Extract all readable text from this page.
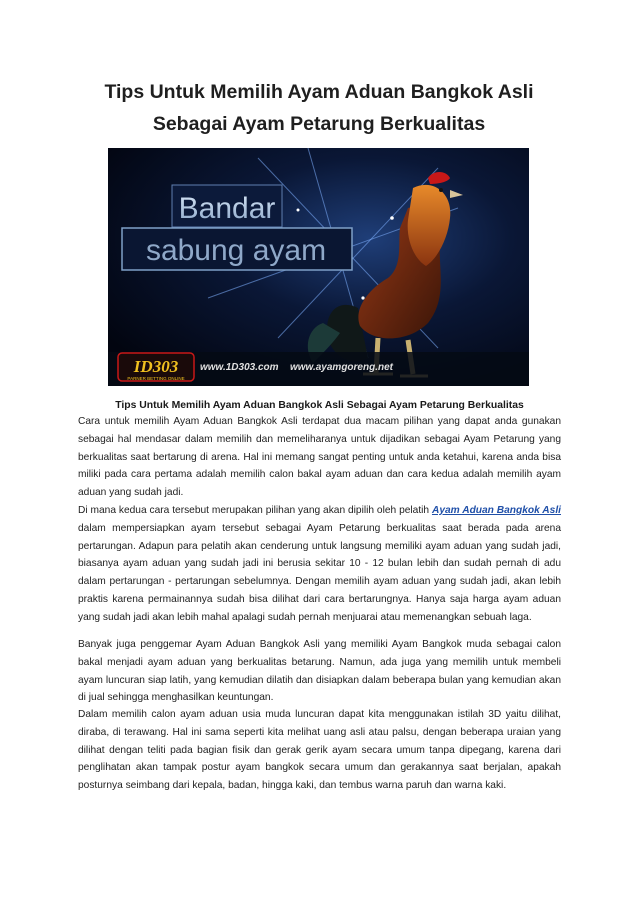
Tips Untuk Memilih Ayam Aduan Bangkok Asli
Sebagai Ayam Petarung Berkualitas
Bandar
sabung ayam
ID303
PARNER BETTING ONLINE
www.1D303.com www.ayamgoreng.net

Tips Untuk Memilih Ayam Aduan Bangkok Asli Sebagai Ayam Petarung Berkualitas

Cara untuk memilih Ayam Aduan Bangkok Asli terdapat dua macam pilihan yang dapat anda gunakan sebagai hal mendasar dalam memilih dan memeliharanya untuk dijadikan sebagai Ayam Petarung yang berkualitas saat bertarung di arena. Hal ini memang sangat penting untuk anda ketahui, karena anda bisa miliki pada cara pertama adalah memilih calon bakal ayam aduan dan cara kedua adalah memilih ayam aduan yang sudah jadi.

Di mana kedua cara tersebut merupakan pilihan yang akan dipilih oleh pelatih Ayam Aduan Bangkok Asli dalam mempersiapkan ayam tersebut sebagai Ayam Petarung berkualitas saat berada pada arena pertarungan. Adapun para pelatih akan cenderung untuk langsung memiliki ayam aduan yang sudah jadi, biasanya ayam aduan yang sudah jadi ini berusia sekitar 10 - 12 bulan lebih dan sudah pernah di adu dalam pertarungan - pertarungan sebelumnya. Dengan memilih ayam aduan yang sudah jadi, akan lebih praktis karena permainannya sudah bisa dilihat dari cara bertarungnya. Hanya saja harga ayam aduan yang sudah jadi akan lebih mahal apalagi sudah pernah menjuarai atau memenangkan sebuah laga.

Banyak juga penggemar Ayam Aduan Bangkok Asli yang memiliki Ayam Bangkok muda sebagai calon bakal menjadi ayam aduan yang berkualitas betarung. Namun, ada juga yang memilih untuk membeli ayam luncuran siap latih, yang kemudian dilatih dan disiapkan dalam beberapa bulan yang kemudian akan di jual sehingga menghasilkan keuntungan.

Dalam memilih calon ayam aduan usia muda luncuran dapat kita menggunakan istilah 3D yaitu dilihat, diraba, di terawang. Hal ini sama seperti kita melihat uang asli atau palsu, dengan beberapa uraian yang dilihat dengan teliti pada bagian fisik dan gerak gerik ayam secara umum tanpa dipegang, karena dari penglihatan akan tampak postur ayam bangkok secara umum dan gerakannya saat berjalan, apakah posturnya seimbang dari kepala, badan, hingga kaki, dan tembus warna paruh dan warna kaki.
